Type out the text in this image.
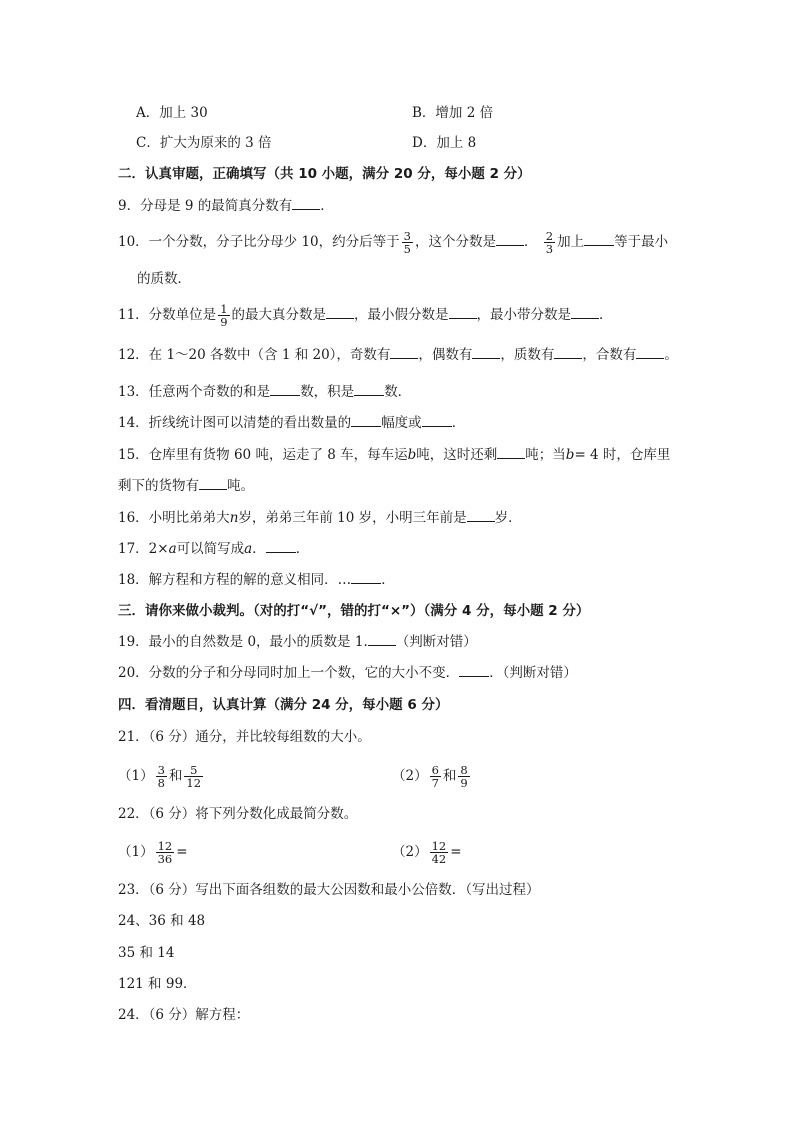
A．加上 30	B．增加 2 倍
C．扩大为原来的 3 倍	D．加上 8
二．认真审题，正确填写（共 10 小题，满分 20 分，每小题 2 分）
9．分母是 9 的最简真分数有 ．
10．一个分数，分子比分母少 10，约分后等于 $\frac{3}{5}$ ，这个分数是 ． $\frac{2}{3}$ 加上 等于最小
的质数．
11．分数单位是 $\frac{1}{9}$ 的最大真分数是 ，最小假分数是 ，最小带分数是 ．
12．在 1～20 各数中（含 1 和 20），奇数有 ，偶数有 ，质数有 ，合数有 。
13．任意两个奇数的和是 数，积是 数．
14．折线统计图可以清楚的看出数量的 幅度或 ．
15．仓库里有货物 60 吨，运走了 8 车，每车运b吨，这时还剩 吨；当b= 4 时，仓库里
剩下的货物有 吨。
16．小明比弟弟大n岁，弟弟三年前 10 岁，小明三年前是 岁．
17．2×a可以简写成a． ．
18．解方程和方程的解的意义相同．… ．
三．请你来做小裁判。（对的打“√”，错的打“×”）（满分 4 分，每小题 2 分）
19．最小的自然数是 0，最小的质数是 1. （判断对错）
20．分数的分子和分母同时加上一个数，它的大小不变． ．（判断对错）
四．看清题目，认真计算（满分 24 分，每小题 6 分）
21．（6 分）通分，并比较每组数的大小。
$(1) \frac{3}{8}$ 和 $\frac{5}{12}$	$(2) \frac{6}{7}$ 和 $\frac{8}{9}$
22．（6 分）将下列分数化成最简分数。
$(1) \frac{12}{36}$ =	$(2) \frac{12}{42}$ =
23．（6 分）写出下面各组数的最大公因数和最小公倍数．（写出过程）
24、36 和 48
35 和 14
121 和 99．
24．（6 分）解方程：
